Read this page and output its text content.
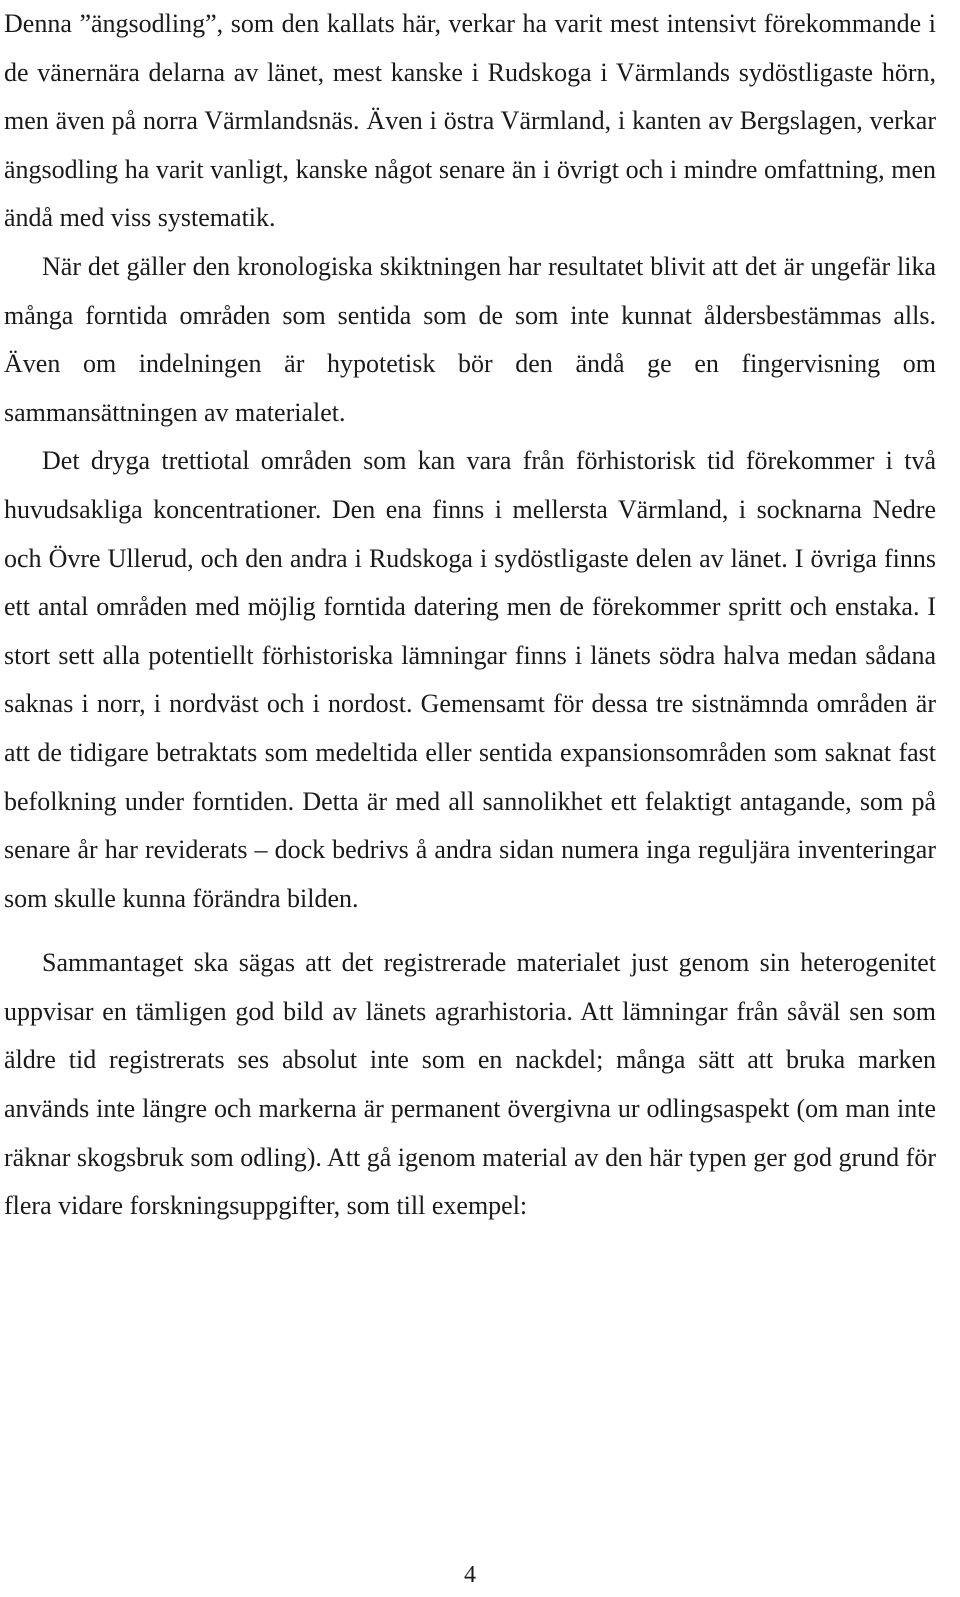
Denna ”ängsodling”, som den kallats här, verkar ha varit mest intensivt förekommande i de vänernära delarna av länet, mest kanske i Rudskoga i Värmlands sydöstligaste hörn, men även på norra Värmlandsnäs. Även i östra Värmland, i kanten av Bergslagen, verkar ängsodling ha varit vanligt, kanske något senare än i övrigt och i mindre omfattning, men ändå med viss systematik.

När det gäller den kronologiska skiktningen har resultatet blivit att det är ungefär lika många forntida områden som sentida som de som inte kunnat åldersbestämmas alls. Även om indelningen är hypotetisk bör den ändå ge en fingervisning om sammansättningen av materialet.

Det dryga trettiotal områden som kan vara från förhistorisk tid förekommer i två huvudsakliga koncentrationer. Den ena finns i mellersta Värmland, i socknarna Nedre och Övre Ullerud, och den andra i Rudskoga i sydöstligaste delen av länet. I övriga finns ett antal områden med möjlig forntida datering men de förekommer spritt och enstaka. I stort sett alla potentiellt förhistoriska lämningar finns i länets södra halva medan sådana saknas i norr, i nordväst och i nordost. Gemensamt för dessa tre sistnämnda områden är att de tidigare betraktats som medeltida eller sentida expansionsområden som saknat fast befolkning under forntiden. Detta är med all sannolikhet ett felaktigt antagande, som på senare år har reviderats – dock bedrivs å andra sidan numera inga reguljära inventeringar som skulle kunna förändra bilden.

Sammantaget ska sägas att det registrerade materialet just genom sin heterogenitet uppvisar en tämligen god bild av länets agrarhistoria. Att lämningar från såväl sen som äldre tid registrerats ses absolut inte som en nackdel; många sätt att bruka marken används inte längre och markerna är permanent övergivna ur odlingsaspekt (om man inte räknar skogsbruk som odling). Att gå igenom material av den här typen ger god grund för flera vidare forskningsuppgifter, som till exempel:

4
